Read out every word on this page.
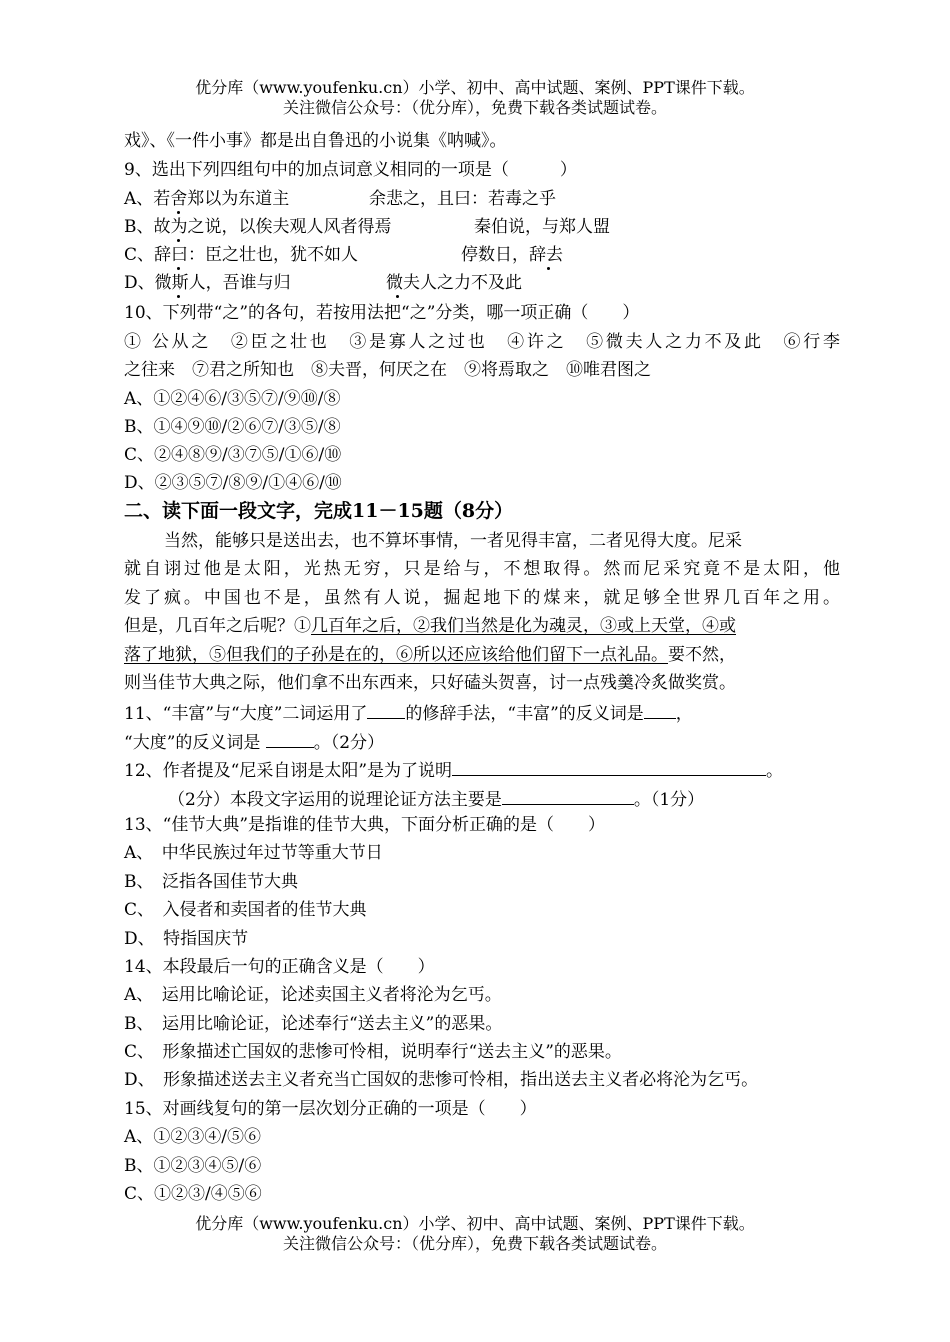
优分库（www.youfenku.cn）小学、初中、高中试题、案例、PPT课件下载。
关注微信公众号：（优分库），免费下载各类试题试卷。
戏》、《一件小事》都是出自鲁迅的小说集《呐喊》。
9、选出下列四组句中的加点词意义相同的一项是（　　　）
A、若舍郑以为东道主	余悲之，且曰：若毒之乎
B、故为之说，以俟夫观人风者得焉	秦伯说，与郑人盟
C、辞曰：臣之壮也，犹不如人	停数日，辞去
D、微斯人，吾谁与归	微夫人之力不及此
10、下列带“之”的各句，若按用法把“之”分类，哪一项正确（　　）
① 公从之　②臣之壮也　③是寡人之过也　④许之　⑤微夫人之力不及此　⑥行李
之往来　⑦君之所知也　⑧夫晋，何厌之在　⑨将焉取之　⑩唯君图之
A、①②④⑥/③⑤⑦/⑨⑩/⑧
B、①④⑨⑩/②⑥⑦/③⑤/⑧
C、②④⑧⑨/③⑦⑤/①⑥/⑩
D、②③⑤⑦/⑧⑨/①④⑥/⑩
二、读下面一段文字，完成11－15题（8分）
当然，能够只是送出去，也不算坏事情，一者见得丰富，二者见得大度。尼采
就自诩过他是太阳，光热无穷，只是给与，不想取得。然而尼采究竟不是太阳，他
发了疯。中国也不是，虽然有人说，掘起地下的煤来，就足够全世界几百年之用。
但是，几百年之后呢？①几百年之后，②我们当然是化为魂灵，③或上天堂，④或
落了地狱，⑤但我们的子孙是在的，⑥所以还应该给他们留下一点礼品。要不然，
则当佳节大典之际，他们拿不出东西来，只好磕头贺喜，讨一点残羹冷炙做奖赏。
11、“丰富”与“大度”二词运用了 的修辞手法，“丰富”的反义词是 ，
“大度”的反义词是	。（2分）
12、作者提及“尼采自诩是太阳”是为了说明	。
（2分）本段文字运用的说理论证方法主要是	。（1分）
13、“佳节大典”是指谁的佳节大典，下面分析正确的是（　　）
A、　中华民族过年过节等重大节日
B、　泛指各国佳节大典
C、　入侵者和卖国者的佳节大典
D、　特指国庆节
14、本段最后一句的正确含义是（　　）
A、　运用比喻论证，论述卖国主义者将沦为乞丐。
B、　运用比喻论证，论述奉行“送去主义”的恶果。
C、　形象描述亡国奴的悲惨可怜相，说明奉行“送去主义”的恶果。
D、　形象描述送去主义者充当亡国奴的悲惨可怜相，指出送去主义者必将沦为乞丐。
15、对画线复句的第一层次划分正确的一项是（　　）
A、①②③④/⑤⑥
B、①②③④⑤/⑥
C、①②③/④⑤⑥
优分库（www.youfenku.cn）小学、初中、高中试题、案例、PPT课件下载。
关注微信公众号：（优分库），免费下载各类试题试卷。
